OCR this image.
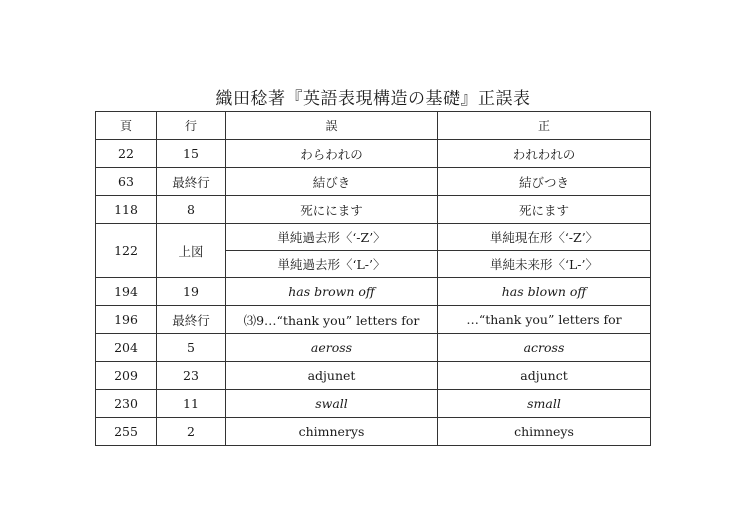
織田稔著『英語表現構造の基礎』正誤表
頁	行	誤	正
22	15	わらわれの	われわれの
63	最終行	結びき	結びつき
118	8	死ににます	死にます
122	上図	単純過去形〈‘-Z’〉	単純現在形〈‘-Z’〉
		単純過去形〈‘L-’〉	単純未来形〈‘L-’〉
194	19	has brown off	has blown off
196	最終行	⑶9…“thank you” letters for	…“thank you” letters for
204	5	aeross	across
209	23	adjunet	adjunct
230	11	swall	small
255	2	chimnerys	chimneys
